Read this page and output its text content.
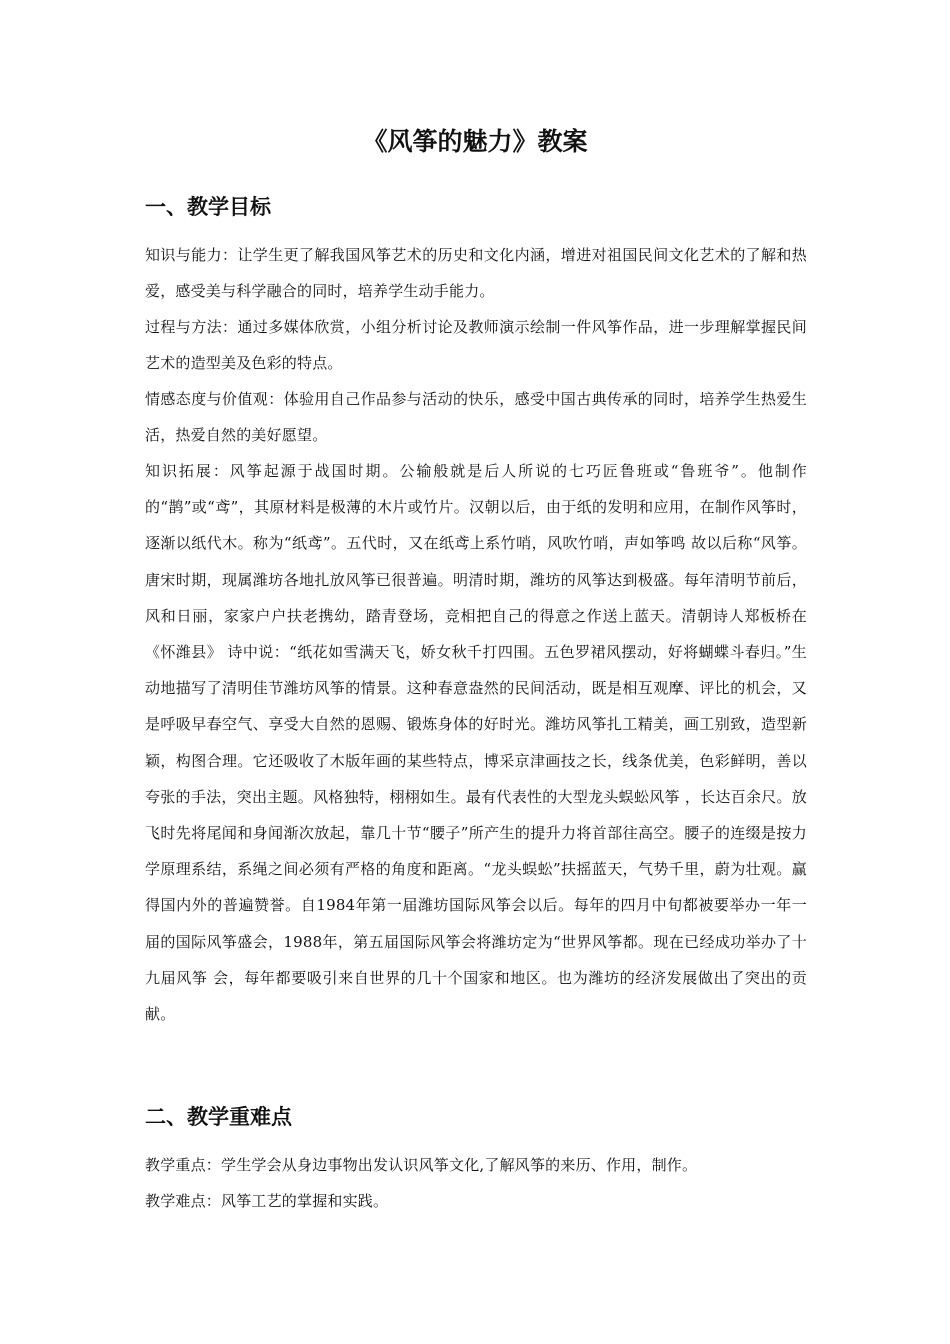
《风筝的魅力》教案
一、教学目标

知识与能力：让学生更了解我国风筝艺术的历史和文化内涵，增进对祖国民间文化艺术的了解和热爱，感受美与科学融合的同时，培养学生动手能力。

过程与方法：通过多媒体欣赏，小组分析讨论及教师演示绘制一件风筝作品，进一步理解掌握民间艺术的造型美及色彩的特点。

情感态度与价值观：体验用自己作品参与活动的快乐，感受中国古典传承的同时，培养学生热爱生活，热爱自然的美好愿望。

知识拓展：风筝起源于战国时期。公输般就是后人所说的七巧匠鲁班或“鲁班爷”。他制作的“鹊”或“鸢”，其原材料是极薄的木片或竹片。汉朝以后，由于纸的发明和应用，在制作风筝时，逐渐以纸代木。称为“纸鸢”。五代时，又在纸鸢上系竹哨，风吹竹哨，声如筝鸣 故以后称“风筝。唐宋时期，现属潍坊各地扎放风筝已很普遍。明清时期，潍坊的风筝达到极盛。每年清明节前后，风和日丽，家家户户扶老携幼，踏青登场，竞相把自己的得意之作送上蓝天。清朝诗人郑板桥在《怀潍县》 诗中说：“纸花如雪满天飞，娇女秋千打四围。五色罗裙风摆动，好将蝴蝶斗春归。”生动地描写了清明佳节潍坊风筝的情景。这种春意盎然的民间活动，既是相互观摩、评比的机会，又是呼吸早春空气、享受大自然的恩赐、锻炼身体的好时光。潍坊风筝扎工精美，画工别致，造型新颖，构图合理。它还吸收了木版年画的某些特点，博采京津画技之长，线条优美，色彩鲜明，善以夸张的手法，突出主题。风格独特，栩栩如生。最有代表性的大型龙头蜈蚣风筝 ，长达百余尺。放飞时先将尾闻和身闻渐次放起，靠几十节“腰子”所产生的提升力将首部往高空。腰子的连缀是按力学原理系结，系绳之间必须有严格的角度和距离。“龙头蜈蚣”扶摇蓝天，气势千里，蔚为壮观。赢得国内外的普遍赞誉。自1984年第一届潍坊国际风筝会以后。每年的四月中旬都被要举办一年一届的国际风筝盛会，1988年，第五届国际风筝会将潍坊定为“世界风筝都。现在已经成功举办了十九届风筝 会，每年都要吸引来自世界的几十个国家和地区。也为潍坊的经济发展做出了突出的贡献。

二、教学重难点

教学重点：学生学会从身边事物出发认识风筝文化,了解风筝的来历、作用，制作。

教学难点：风筝工艺的掌握和实践。
